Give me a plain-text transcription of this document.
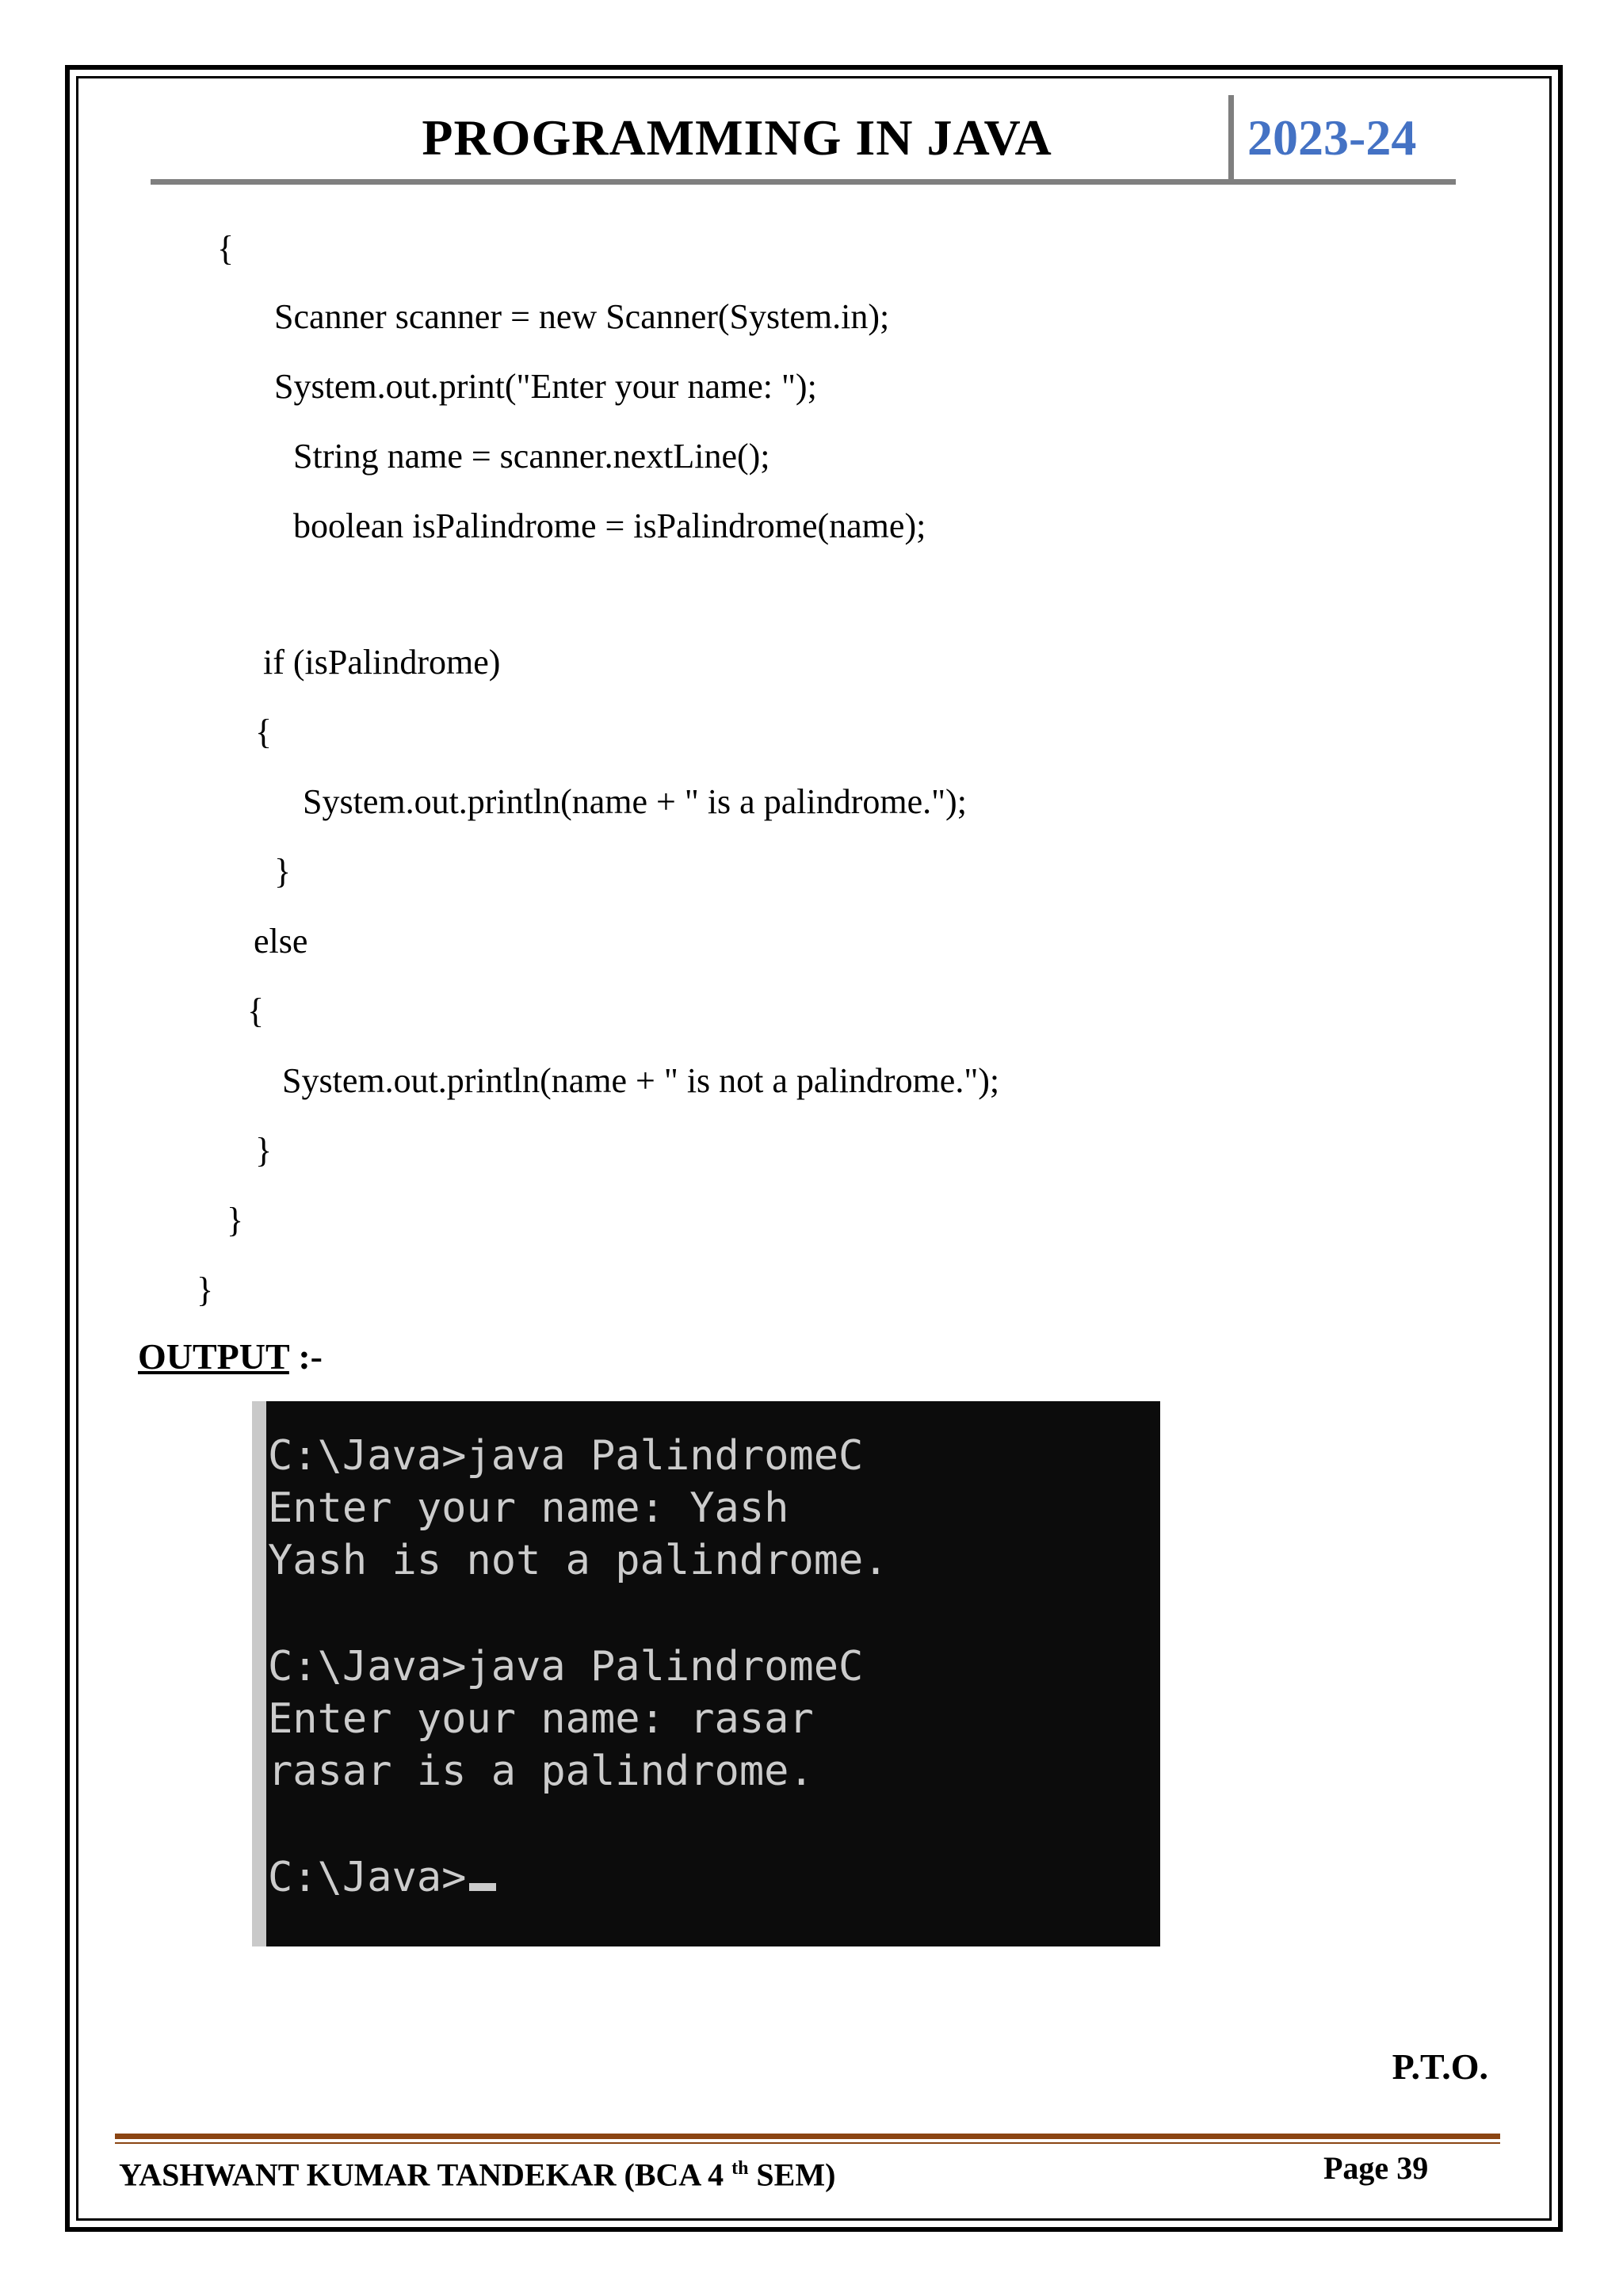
PROGRAMMING IN JAVA	2023-24
{
Scanner scanner = new Scanner(System.in);
System.out.print("Enter your name: ");
String name = scanner.nextLine();
boolean isPalindrome = isPalindrome(name);
if (isPalindrome)
{
System.out.println(name + " is a palindrome.");
}
else
{
System.out.println(name + " is not a palindrome.");
}
}
}
OUTPUT :-
C:\Java>java PalindromeC
Enter your name: Yash
Yash is not a palindrome.
C:\Java>java PalindromeC
Enter your name: rasar
rasar is a palindrome.
C:\Java>
P.T.O.
YASHWANT KUMAR TANDEKAR (BCA 4 $^{th}$ SEM)	Page 39
